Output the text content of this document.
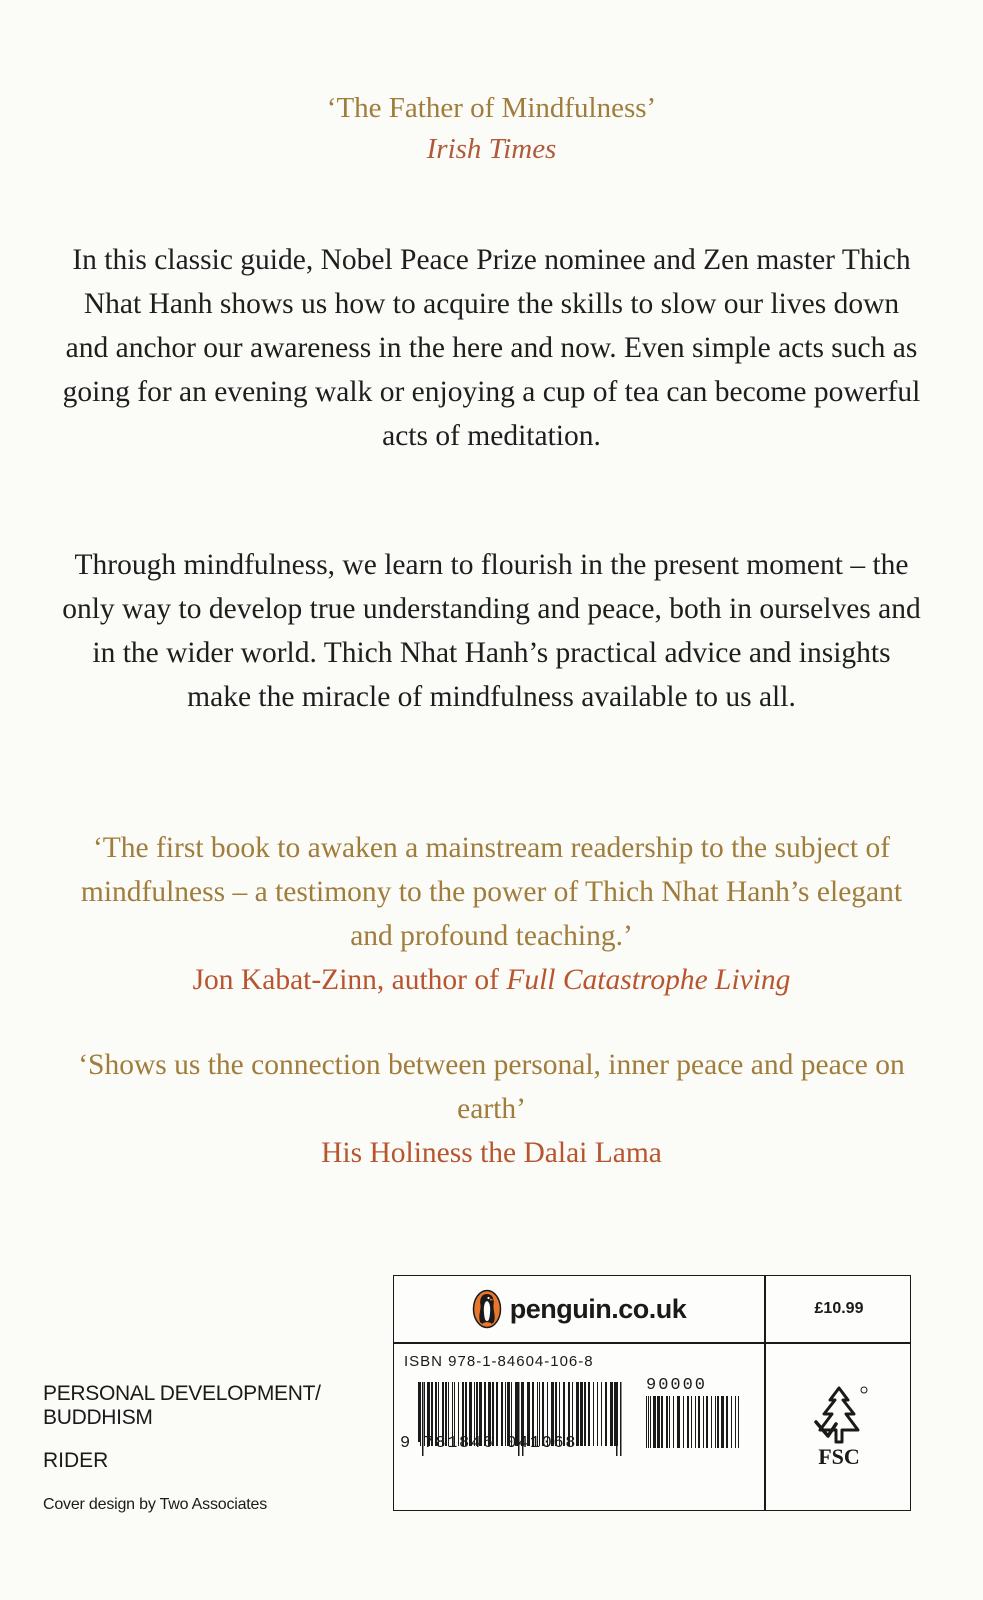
‘The Father of Mindfulness’
Irish Times

In this classic guide, Nobel Peace Prize nominee and Zen master Thich Nhat Hanh shows us how to acquire the skills to slow our lives down and anchor our awareness in the here and now. Even simple acts such as going for an evening walk or enjoying a cup of tea can become powerful acts of meditation.

Through mindfulness, we learn to flourish in the present moment – the only way to develop true understanding and peace, both in ourselves and in the wider world. Thich Nhat Hanh’s practical advice and insights make the miracle of mindfulness available to us all.

‘The first book to awaken a mainstream readership to the subject of mindfulness – a testimony to the power of Thich Nhat Hanh’s elegant and profound teaching.’
Jon Kabat-Zinn, author of Full Catastrophe Living
‘Shows us the connection between personal, inner peace and peace on earth’
His Holiness the Dalai Lama
PERSONAL DEVELOPMENT/
BUDDHISM
RIDER
Cover design by Two Associates
penguin.co.uk	£10.99
ISBN 978-1-84604-106-8
90000
9 781846 041068
FSC
